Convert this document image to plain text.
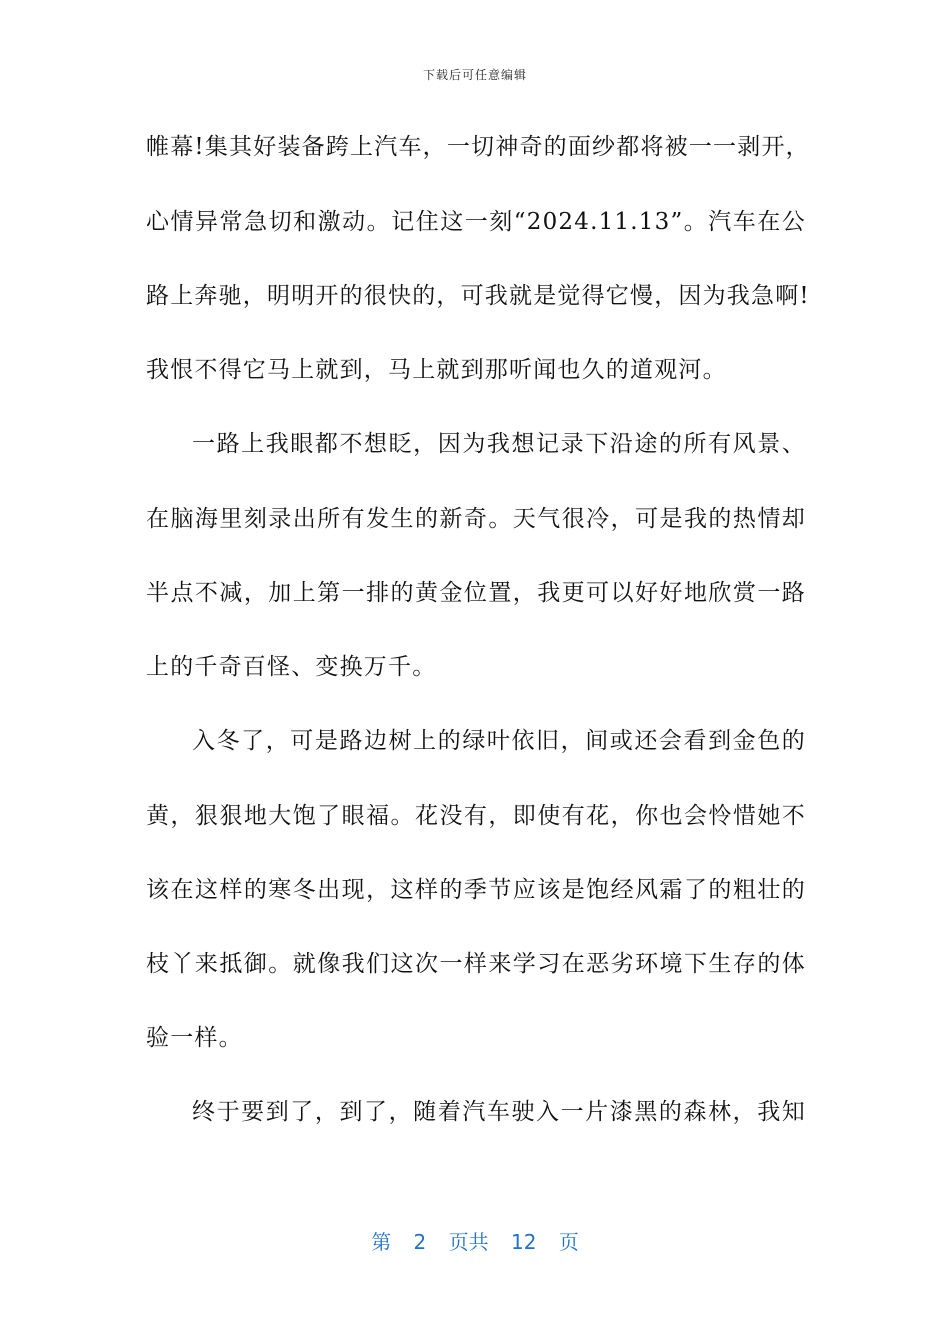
下载后可任意编辑
帷幕!集其好装备跨上汽车，一切神奇的面纱都将被一一剥开，
心情异常急切和激动。记住这一刻“2024.11.13”。汽车在公
路上奔驰，明明开的很快的，可我就是觉得它慢，因为我急啊!
我恨不得它马上就到，马上就到那听闻也久的道观河。
一路上我眼都不想眨，因为我想记录下沿途的所有风景、
在脑海里刻录出所有发生的新奇。天气很冷，可是我的热情却
半点不减，加上第一排的黄金位置，我更可以好好地欣赏一路
上的千奇百怪、变换万千。
入冬了，可是路边树上的绿叶依旧，间或还会看到金色的
黄，狠狠地大饱了眼福。花没有，即使有花，你也会怜惜她不
该在这样的寒冬出现，这样的季节应该是饱经风霜了的粗壮的
枝丫来抵御。就像我们这次一样来学习在恶劣环境下生存的体
验一样。
终于要到了，到了，随着汽车驶入一片漆黑的森林，我知
第 2 页共 12 页
